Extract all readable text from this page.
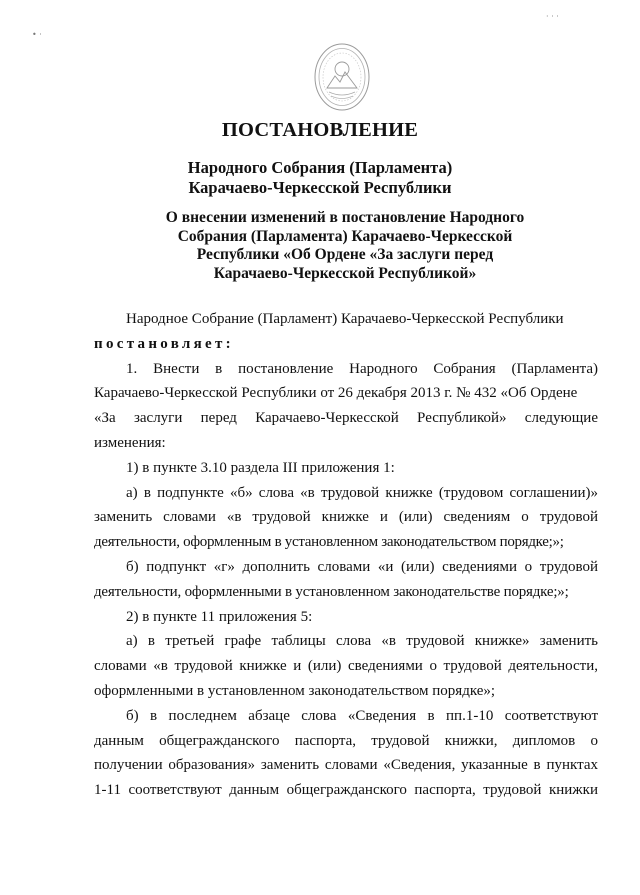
• ·
· · ·
ПОСТАНОВЛЕНИЕ
Народного Собрания (Парламента)
Карачаево-Черкесской Республики
О внесении изменений в постановление Народного
Собрания (Парламента) Карачаево-Черкесской
Республики «Об Ордене «За заслуги перед
Карачаево-Черкесской Республикой»
Народное Собрание (Парламент) Карачаево-Черкесской Республики
постановляет:
1. Внести в постановление Народного Собрания (Парламента)
Карачаево-Черкесской Республики от 26 декабря 2013 г. № 432 «Об Ордене
«За заслуги перед Карачаево-Черкесской Республикой» следующие
изменения:
1) в пункте 3.10 раздела III приложения 1:
а) в подпункте «б» слова «в трудовой книжке (трудовом соглашении)»
заменить словами «в трудовой книжке и (или) сведениям о трудовой
деятельности, оформленным в установленном законодательством порядке;»;
б) подпункт «г» дополнить словами «и (или) сведениями о трудовой
деятельности, оформленными в установленном законодательстве порядке;»;
2) в пункте 11 приложения 5:
а) в третьей графе таблицы слова «в трудовой книжке» заменить
словами «в трудовой книжке и (или) сведениями о трудовой деятельности,
оформленными в установленном законодательством порядке»;
б) в последнем абзаце слова «Сведения в пп.1-10 соответствуют
данным общегражданского паспорта, трудовой книжки, дипломов о
получении образования» заменить словами «Сведения, указанные в пунктах
1-11 соответствуют данным общегражданского паспорта, трудовой книжки
